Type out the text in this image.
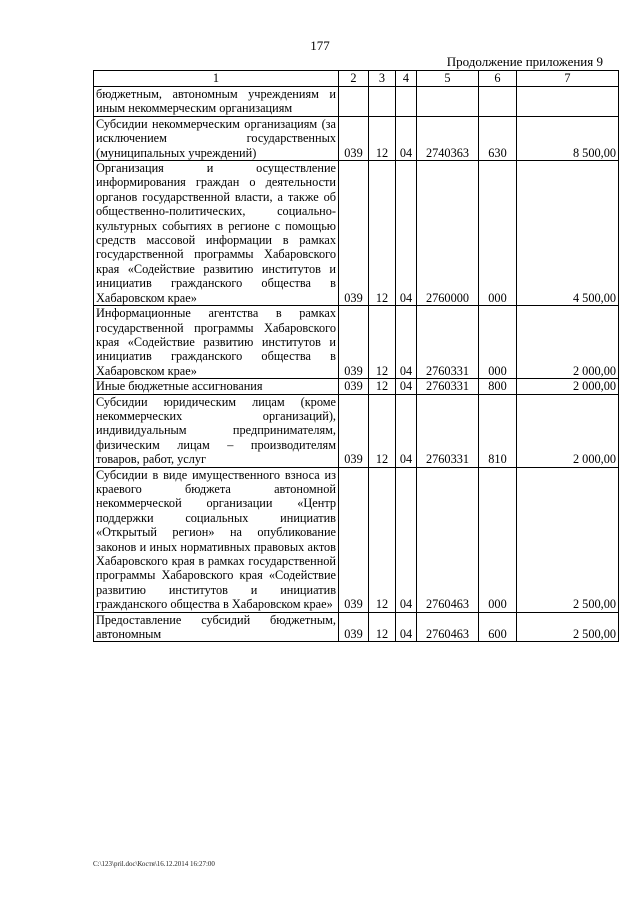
177
Продолжение приложения 9
1	2	3	4	5	6	7
бюджетным, автономным учреждениям и иным некоммерческим организациям						
Субсидии некоммерческим организациям (за исключением государственных (муниципальных учреждений)	039	12	04	2740363	630	8 500,00
Организация и осуществление информирования граждан о деятельности органов государственной власти, а также об общественно-политических, социально-культурных событиях в регионе с помощью средств массовой информации в рамках государственной программы Хабаровского края «Содействие развитию институтов и инициатив гражданского общества в Хабаровском крае»	039	12	04	2760000	000	4 500,00
Информационные агентства в рамках государственной программы Хабаровского края «Содействие развитию институтов и инициатив гражданского общества в Хабаровском крае»	039	12	04	2760331	000	2 000,00
Иные бюджетные ассигнования	039	12	04	2760331	800	2 000,00
Субсидии юридическим лицам (кроме некоммерческих организаций), индивидуальным предпринимателям, физическим лицам – производителям товаров, работ, услуг	039	12	04	2760331	810	2 000,00
Субсидии в виде имущественного взноса из краевого бюджета автономной некоммерческой организации «Центр поддержки социальных инициатив «Открытый регион» на опубликование законов и иных нормативных правовых актов Хабаровского края в рамках государственной программы Хабаровского края «Содействие развитию институтов и инициатив гражданского общества в Хабаровском крае»	039	12	04	2760463	000	2 500,00
Предоставление субсидий бюджетным, автономным	039	12	04	2760463	600	2 500,00
C:\123\pril.doc\Костя\16.12.2014 16:27:00
